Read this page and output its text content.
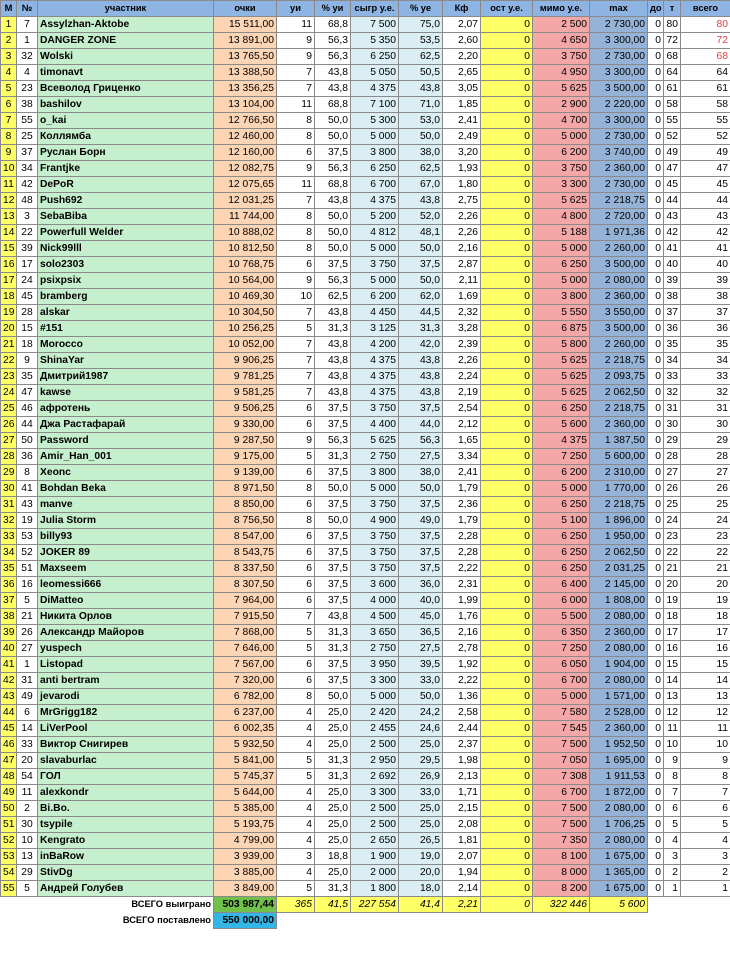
М	№	участник	очки	уи	% уи	сыгр у.е.	% уе	Кф	ост у.е.	мимо у.е.	max	до	т	всего
1	7	Assylzhan-Aktobe	15 511,00	11	68,8	7 500	75,0	2,07	0	2 500	2 730,00	0	80	80
2	1	DANGER ZONE	13 891,00	9	56,3	5 350	53,5	2,60	0	4 650	3 300,00	0	72	72
3	32	Wolski	13 765,50	9	56,3	6 250	62,5	2,20	0	3 750	2 730,00	0	68	68
4	4	timonavt	13 388,50	7	43,8	5 050	50,5	2,65	0	4 950	3 300,00	0	64	64
5	23	Всеволод Гриценко	13 356,25	7	43,8	4 375	43,8	3,05	0	5 625	3 500,00	0	61	61
6	38	bashilov	13 104,00	11	68,8	7 100	71,0	1,85	0	2 900	2 220,00	0	58	58
7	55	o_kai	12 766,50	8	50,0	5 300	53,0	2,41	0	4 700	3 300,00	0	55	55
8	25	Коллямба	12 460,00	8	50,0	5 000	50,0	2,49	0	5 000	2 730,00	0	52	52
9	37	Руслан Борн	12 160,00	6	37,5	3 800	38,0	3,20	0	6 200	3 740,00	0	49	49
10	34	Frantjke	12 082,75	9	56,3	6 250	62,5	1,93	0	3 750	2 360,00	0	47	47
11	42	DePoR	12 075,65	11	68,8	6 700	67,0	1,80	0	3 300	2 730,00	0	45	45
12	48	Push692	12 031,25	7	43,8	4 375	43,8	2,75	0	5 625	2 218,75	0	44	44
13	3	SebaBiba	11 744,00	8	50,0	5 200	52,0	2,26	0	4 800	2 720,00	0	43	43
14	22	Powerfull Welder	10 888,02	8	50,0	4 812	48,1	2,26	0	5 188	1 971,36	0	42	42
15	39	Nick99lll	10 812,50	8	50,0	5 000	50,0	2,16	0	5 000	2 260,00	0	41	41
16	17	solo2303	10 768,75	6	37,5	3 750	37,5	2,87	0	6 250	3 500,00	0	40	40
17	24	psixpsix	10 564,00	9	56,3	5 000	50,0	2,11	0	5 000	2 080,00	0	39	39
18	45	bramberg	10 469,30	10	62,5	6 200	62,0	1,69	0	3 800	2 360,00	0	38	38
19	28	alskar	10 304,50	7	43,8	4 450	44,5	2,32	0	5 550	3 550,00	0	37	37
20	15	#151	10 256,25	5	31,3	3 125	31,3	3,28	0	6 875	3 500,00	0	36	36
21	18	Morocco	10 052,00	7	43,8	4 200	42,0	2,39	0	5 800	2 260,00	0	35	35
22	9	ShinaYar	9 906,25	7	43,8	4 375	43,8	2,26	0	5 625	2 218,75	0	34	34
23	35	Дмитрий1987	9 781,25	7	43,8	4 375	43,8	2,24	0	5 625	2 093,75	0	33	33
24	47	kawse	9 581,25	7	43,8	4 375	43,8	2,19	0	5 625	2 062,50	0	32	32
25	46	афротень	9 506,25	6	37,5	3 750	37,5	2,54	0	6 250	2 218,75	0	31	31
26	44	Джа Растафарай	9 330,00	6	37,5	4 400	44,0	2,12	0	5 600	2 360,00	0	30	30
27	50	Password	9 287,50	9	56,3	5 625	56,3	1,65	0	4 375	1 387,50	0	29	29
28	36	Amir_Han_001	9 175,00	5	31,3	2 750	27,5	3,34	0	7 250	5 600,00	0	28	28
29	8	Xeonc	9 139,00	6	37,5	3 800	38,0	2,41	0	6 200	2 310,00	0	27	27
30	41	Bohdan Beka	8 971,50	8	50,0	5 000	50,0	1,79	0	5 000	1 770,00	0	26	26
31	43	manve	8 850,00	6	37,5	3 750	37,5	2,36	0	6 250	2 218,75	0	25	25
32	19	Julia Storm	8 756,50	8	50,0	4 900	49,0	1,79	0	5 100	1 896,00	0	24	24
33	53	billy93	8 547,00	6	37,5	3 750	37,5	2,28	0	6 250	1 950,00	0	23	23
34	52	JOKER 89	8 543,75	6	37,5	3 750	37,5	2,28	0	6 250	2 062,50	0	22	22
35	51	Maxseem	8 337,50	6	37,5	3 750	37,5	2,22	0	6 250	2 031,25	0	21	21
36	16	leomessi666	8 307,50	6	37,5	3 600	36,0	2,31	0	6 400	2 145,00	0	20	20
37	5	DiMatteo	7 964,00	6	37,5	4 000	40,0	1,99	0	6 000	1 808,00	0	19	19
38	21	Никита Орлов	7 915,50	7	43,8	4 500	45,0	1,76	0	5 500	2 080,00	0	18	18
39	26	Александр Майоров	7 868,00	5	31,3	3 650	36,5	2,16	0	6 350	2 360,00	0	17	17
40	27	yuspech	7 646,00	5	31,3	2 750	27,5	2,78	0	7 250	2 080,00	0	16	16
41	1	Listopad	7 567,00	6	37,5	3 950	39,5	1,92	0	6 050	1 904,00	0	15	15
42	31	anti bertram	7 320,00	6	37,5	3 300	33,0	2,22	0	6 700	2 080,00	0	14	14
43	49	jevarodi	6 782,00	8	50,0	5 000	50,0	1,36	0	5 000	1 571,00	0	13	13
44	6	MrGrigg182	6 237,00	4	25,0	2 420	24,2	2,58	0	7 580	2 528,00	0	12	12
45	14	LiVerPool	6 002,35	4	25,0	2 455	24,6	2,44	0	7 545	2 360,00	0	11	11
46	33	Виктор Снигирев	5 932,50	4	25,0	2 500	25,0	2,37	0	7 500	1 952,50	0	10	10
47	20	slavaburlac	5 841,00	5	31,3	2 950	29,5	1,98	0	7 050	1 695,00	0	9	9
48	54	ГОЛ	5 745,37	5	31,3	2 692	26,9	2,13	0	7 308	1 911,53	0	8	8
49	11	alexkondr	5 644,00	4	25,0	3 300	33,0	1,71	0	6 700	1 872,00	0	7	7
50	2	Bi.Bo.	5 385,00	4	25,0	2 500	25,0	2,15	0	7 500	2 080,00	0	6	6
51	30	tsypile	5 193,75	4	25,0	2 500	25,0	2,08	0	7 500	1 706,25	0	5	5
52	10	Kengrato	4 799,00	4	25,0	2 650	26,5	1,81	0	7 350	2 080,00	0	4	4
53	13	inBaRow	3 939,00	3	18,8	1 900	19,0	2,07	0	8 100	1 675,00	0	3	3
54	29	StivDg	3 885,00	4	25,0	2 000	20,0	1,94	0	8 000	1 365,00	0	2	2
55	5	Андрей Голубев	3 849,00	5	31,3	1 800	18,0	2,14	0	8 200	1 675,00	0	1	1
ВСЕГО выиграно			503 987,44	365	41,5	227 554	41,4	2,21	0	322 446	5 600			
ВСЕГО поставлено			550 000,00											
